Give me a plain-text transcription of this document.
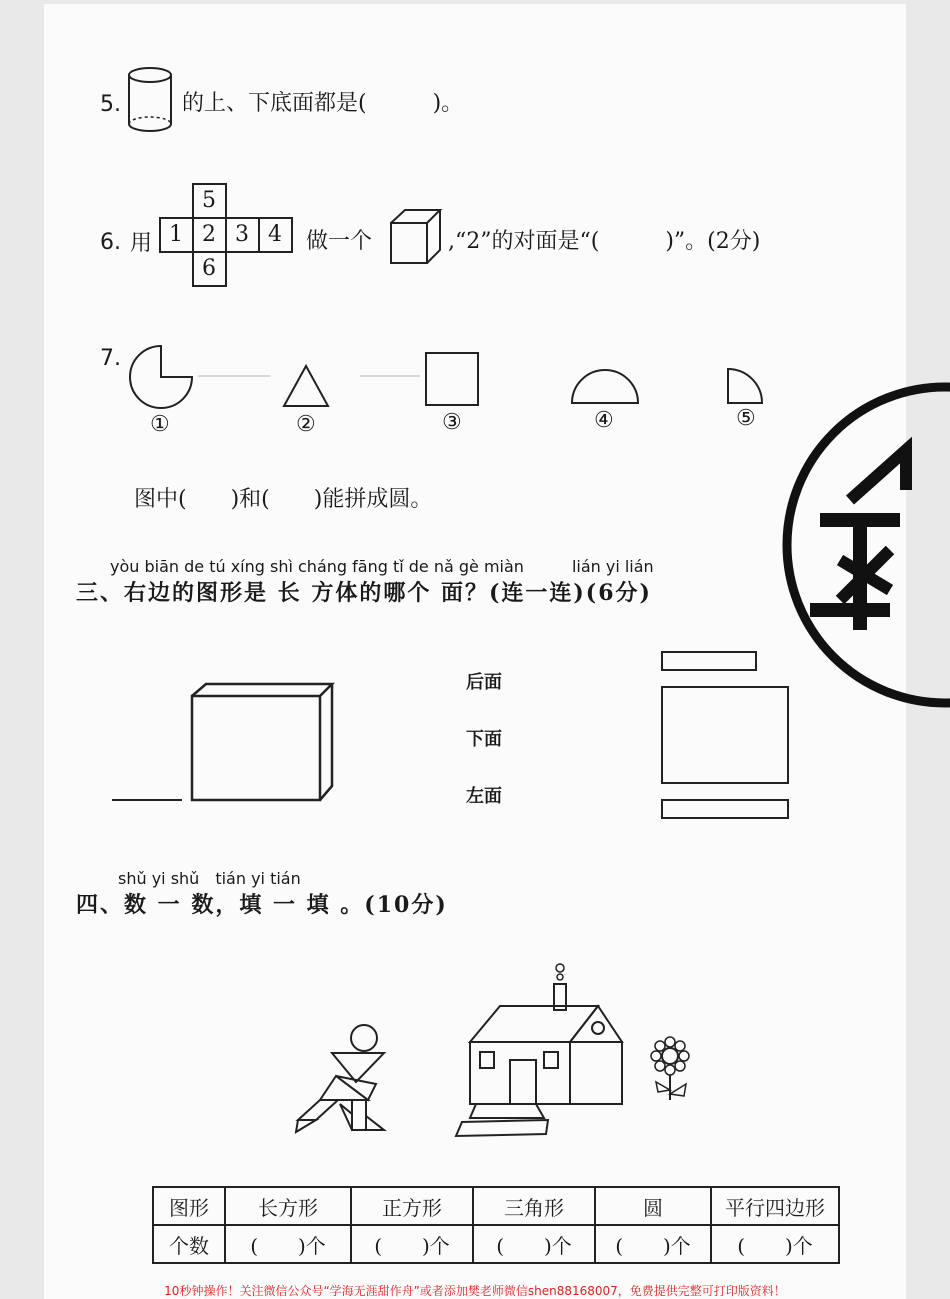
5.	的上、下底面都是(　　　)。
6. 用
5
1 2 3 4
6
做一个	,“2”的对面是“(　　　)”。(2分)
7.
①	②	③	④	⑤
图中(　　)和(　　)能拼成圆。
yòu biān de tú xíng shì cháng fāng tǐ de nǎ gè miàn　　　lián yi lián
三、右边的图形是 长 方体的哪个 面？(连一连)(6分)
后面
下面
左面
shǔ yi shǔ　tián yi tián
四、数 一 数，填 一 填 。(10分)
图形	长方形	正方形	三角形	圆	平行四边形
个数	(　　)个	(　　)个	(　　)个	(　　)个	(　　)个
10秒钟操作！关注微信公众号“学海无涯甜作舟”或者添加樊老师微信shen88168007，免费提供完整可打印版资料！
